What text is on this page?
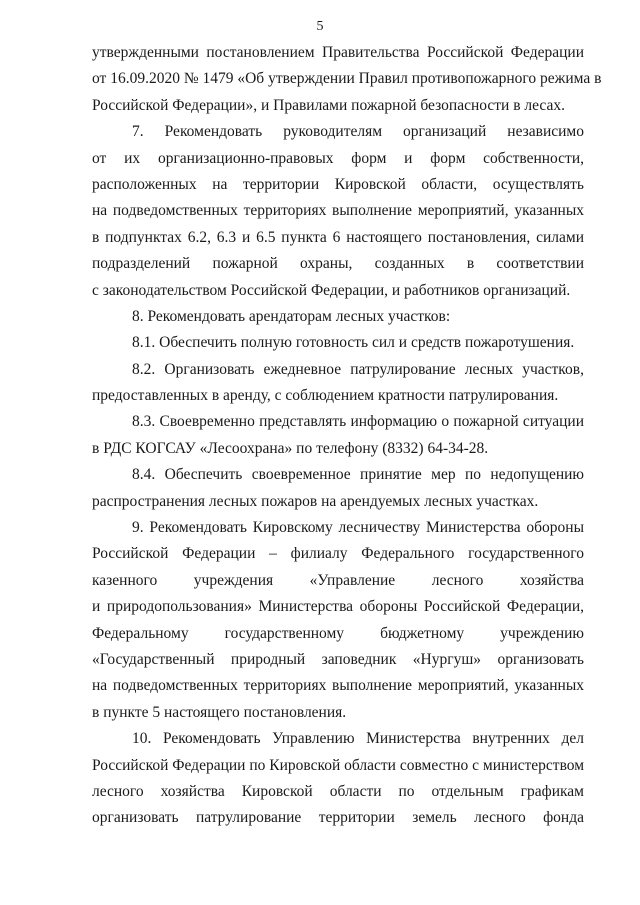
5
утвержденными постановлением Правительства Российской Федерации
от 16.09.2020 № 1479 «Об утверждении Правил противопожарного режима в
Российской Федерации», и Правилами пожарной безопасности в лесах.
7. Рекомендовать руководителям организаций независимо
от их организационно-правовых форм и форм собственности,
расположенных на территории Кировской области, осуществлять
на подведомственных территориях выполнение мероприятий, указанных
в подпунктах 6.2, 6.3 и 6.5 пункта 6 настоящего постановления, силами
подразделений пожарной охраны, созданных в соответствии
с законодательством Российской Федерации, и работников организаций.
8. Рекомендовать арендаторам лесных участков:
8.1. Обеспечить полную готовность сил и средств пожаротушения.
8.2. Организовать ежедневное патрулирование лесных участков,
предоставленных в аренду, с соблюдением кратности патрулирования.
8.3. Своевременно представлять информацию о пожарной ситуации
в РДС КОГСАУ «Лесоохрана» по телефону (8332) 64-34-28.
8.4. Обеспечить своевременное принятие мер по недопущению
распространения лесных пожаров на арендуемых лесных участках.
9. Рекомендовать Кировскому лесничеству Министерства обороны
Российской Федерации – филиалу Федерального государственного
казенного учреждения «Управление лесного хозяйства
и природопользования» Министерства обороны Российской Федерации,
Федеральному государственному бюджетному учреждению
«Государственный природный заповедник «Нургуш» организовать
на подведомственных территориях выполнение мероприятий, указанных
в пункте 5 настоящего постановления.
10. Рекомендовать Управлению Министерства внутренних дел
Российской Федерации по Кировской области совместно с министерством
лесного хозяйства Кировской области по отдельным графикам
организовать патрулирование территории земель лесного фонда
